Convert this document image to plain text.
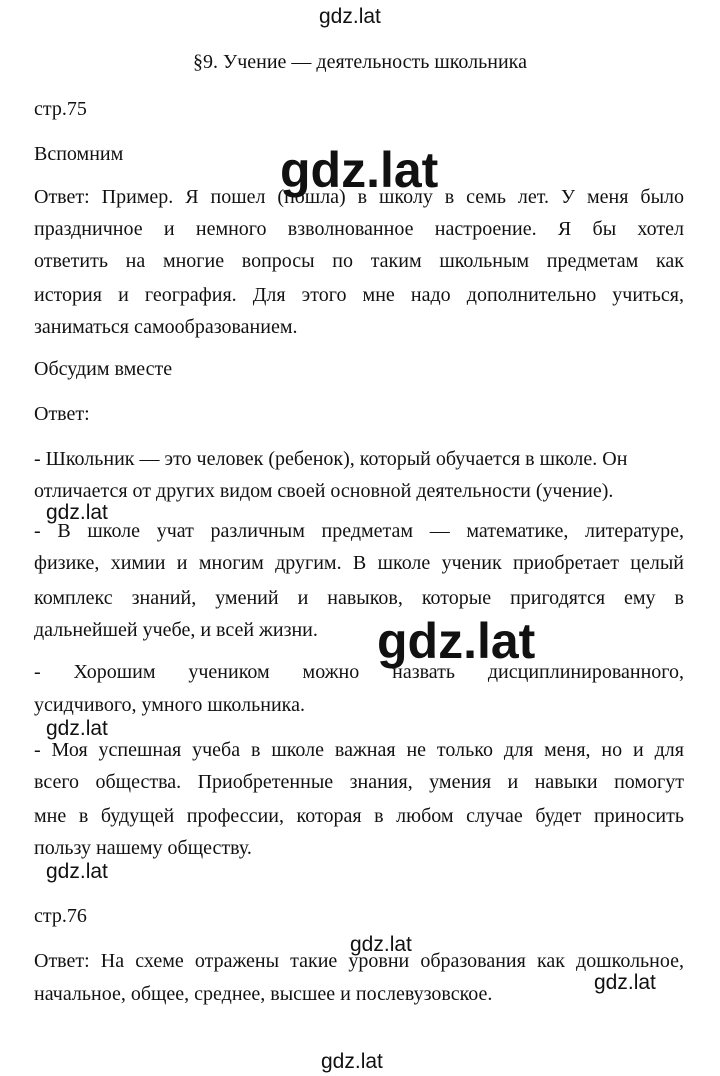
§9. Учение — деятельность школьника
стр.75
Вспомним
Ответ: Пример. Я пошел (пошла) в школу в семь лет. У меня было
праздничное и немного взволнованное настроение. Я бы хотел
ответить на многие вопросы по таким школьным предметам как
история и география. Для этого мне надо дополнительно учиться,
заниматься самообразованием.
Обсудим вместе
Ответ:
- Школьник — это человек (ребенок), который обучается в школе. Он
отличается от других видом своей основной деятельности (учение).
- В школе учат различным предметам — математике, литературе,
физике, химии и многим другим. В школе ученик приобретает целый
комплекс знаний, умений и навыков, которые пригодятся ему в
дальнейшей учебе, и всей жизни.
- Хорошим учеником можно назвать дисциплинированного,
усидчивого, умного школьника.
- Моя успешная учеба в школе важная не только для меня, но и для
всего общества. Приобретенные знания, умения и навыки помогут
мне в будущей профессии, которая в любом случае будет приносить
пользу нашему обществу.
стр.76
Ответ: На схеме отражены такие уровни образования как дошкольное,
начальное, общее, среднее, высшее и послевузовское.
gdz.lat
gdz.lat
gdz.lat
gdz.lat
gdz.lat
gdz.lat
gdz.lat
gdz.lat
gdz.lat
